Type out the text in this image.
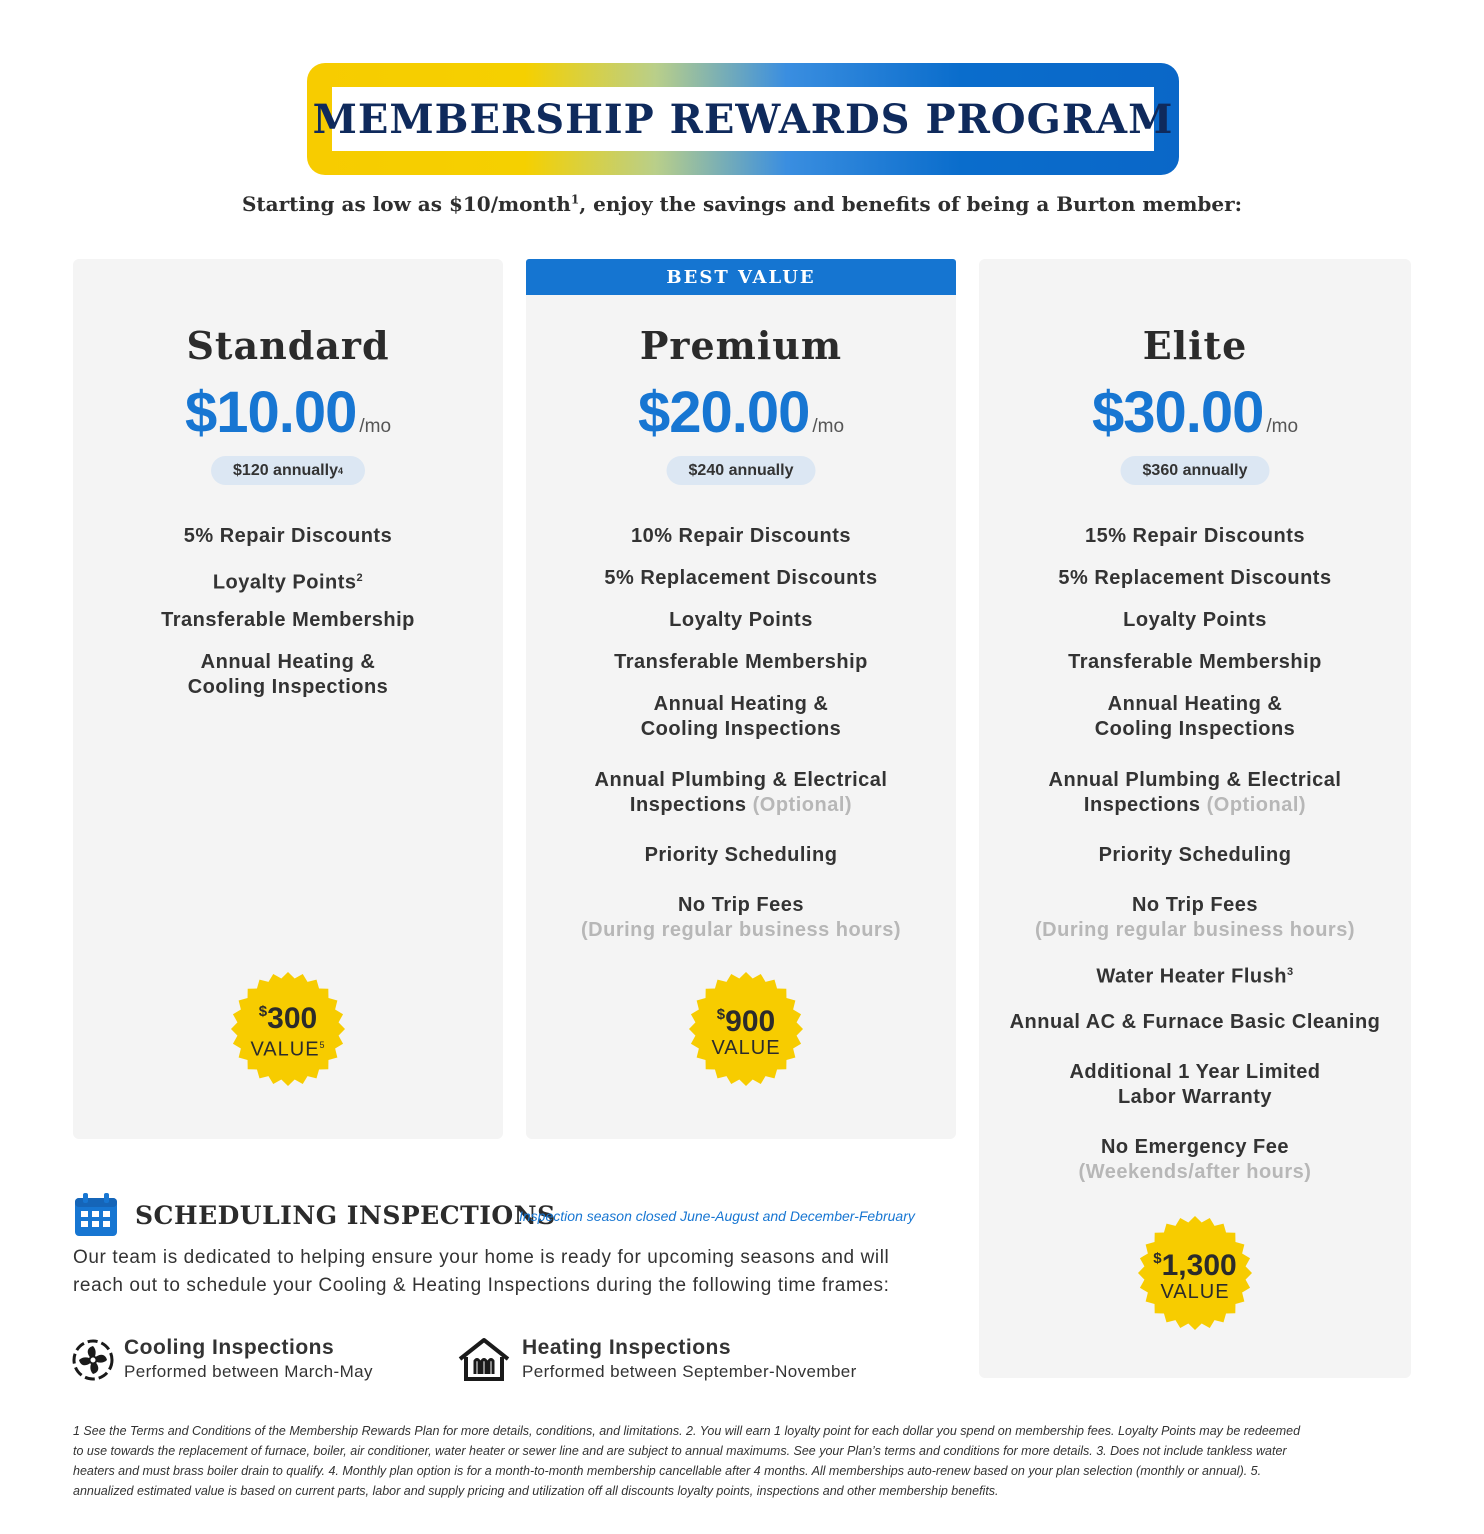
MEMBERSHIP REWARDS PROGRAM
Starting as low as $10/month$^1$, enjoy the savings and benefits of being a Burton member:
Standard
$10.00 /mo
$120 annually 4
5% Repair Discounts
Loyalty Points$^2$
Transferable Membership
Annual Heating &
Cooling Inspections
$300
VALUE$^5$
BEST VALUE
Premium
$20.00 /mo
$240 annually
10% Repair Discounts
5% Replacement Discounts
Loyalty Points
Transferable Membership
Annual Heating &
Cooling Inspections
Annual Plumbing & Electrical
Inspections (Optional)
Priority Scheduling
No Trip Fees
(During regular business hours)
$900
VALUE
Elite
$30.00 /mo
$360 annually
15% Repair Discounts
5% Replacement Discounts
Loyalty Points
Transferable Membership
Annual Heating &
Cooling Inspections
Annual Plumbing & Electrical
Inspections (Optional)
Priority Scheduling
No Trip Fees
(During regular business hours)
Water Heater Flush$^3$
Annual AC & Furnace Basic Cleaning
Additional 1 Year Limited
Labor Warranty
No Emergency Fee
(Weekends/after hours)
$1,300
VALUE
SCHEDULING INSPECTIONS
Inspection season closed June-August and December-February
Our team is dedicated to helping ensure your home is ready for upcoming seasons and will
reach out to schedule your Cooling & Heating Inspections during the following time frames:
Cooling Inspections
Performed between March-May
Heating Inspections
Performed between September-November
1 See the Terms and Conditions of the Membership Rewards Plan for more details, conditions, and limitations. 2. You will earn 1 loyalty point for each dollar you spend on membership fees. Loyalty Points may be redeemed
to use towards the replacement of furnace, boiler, air conditioner, water heater or sewer line and are subject to annual maximums. See your Plan’s terms and conditions for more details. 3. Does not include tankless water
heaters and must brass boiler drain to qualify. 4. Monthly plan option is for a month-to-month membership cancellable after 4 months. All memberships auto-renew based on your plan selection (monthly or annual). 5.
annualized estimated value is based on current parts, labor and supply pricing and utilization off all discounts loyalty points, inspections and other membership benefits.
